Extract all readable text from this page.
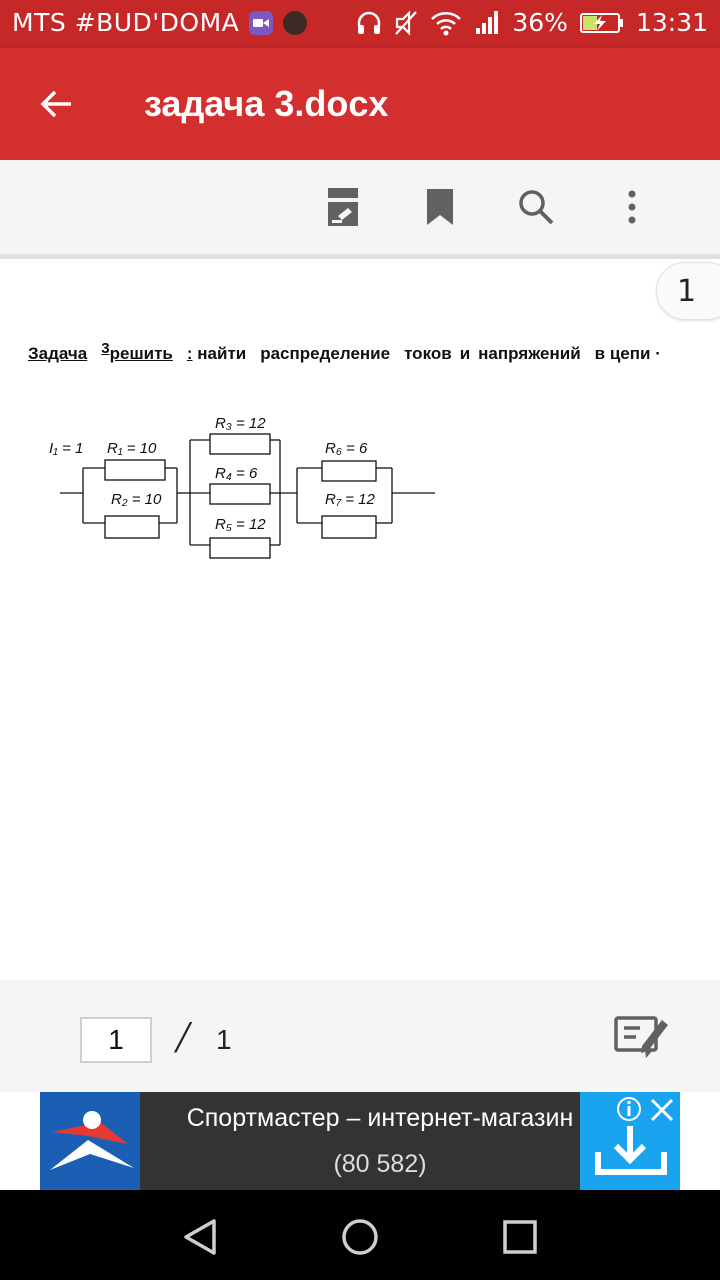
MTS #BUD'DOMA	36%	13:31
задача 3.docx
1
Задача 3решить : найти распределение токов и напряжений в цепи ·
I₁ = 1 R₁ = 10
R₂ = 10
R₃ = 12
R₄ = 6
R₅ = 12
R₆ = 6
R₇ = 12
1	/ 1
Спортмастер – интернет-магазин
(80 582)
